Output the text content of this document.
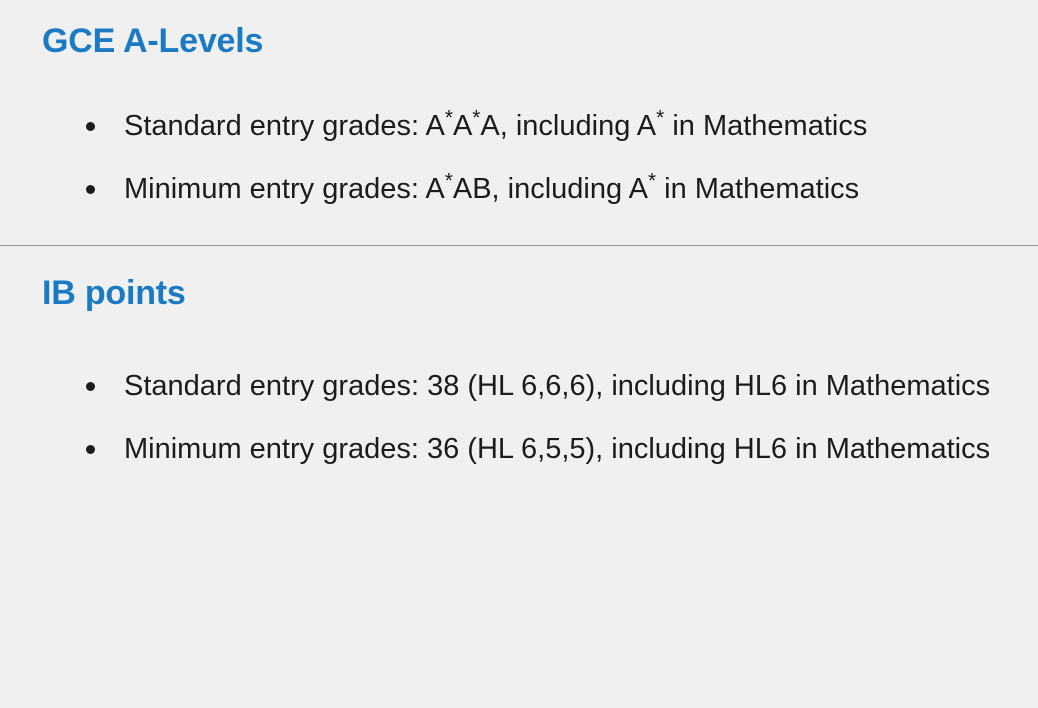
GCE A-Levels
Standard entry grades: A*A*A, including A* in Mathematics
Minimum entry grades: A*AB, including A* in Mathematics
IB points
Standard entry grades: 38 (HL 6,6,6), including HL6 in Mathematics
Minimum entry grades: 36 (HL 6,5,5), including HL6 in Mathematics
